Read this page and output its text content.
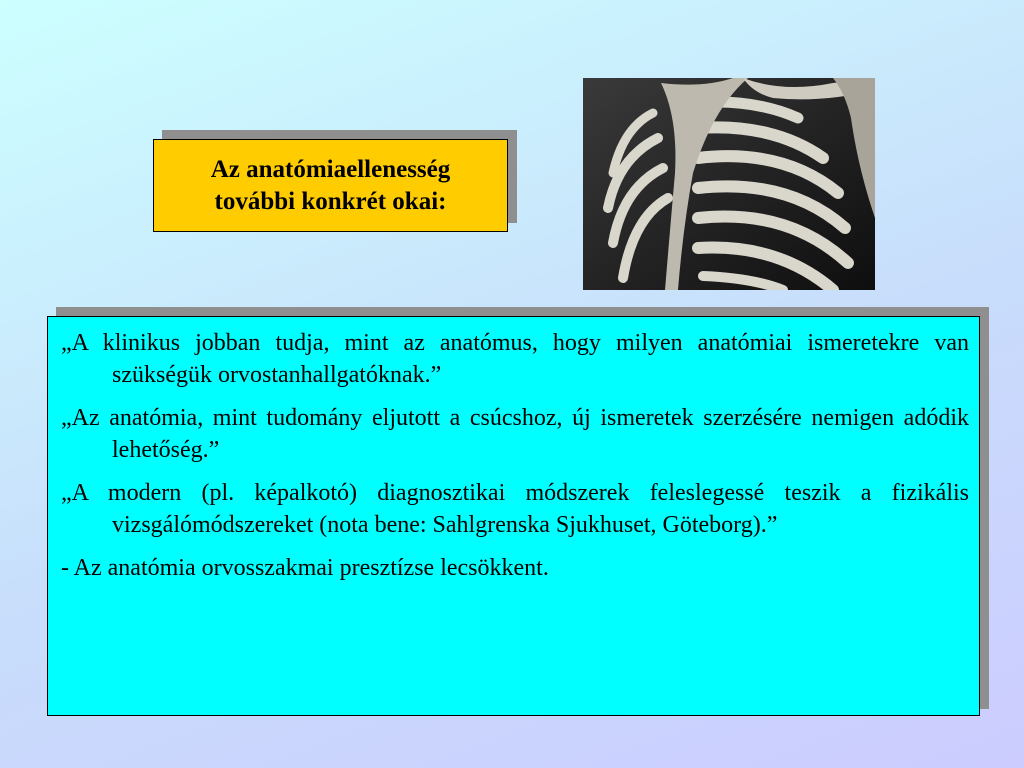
Az anatómiaellenesség
további konkrét okai:

„A klinikus jobban tudja, mint az anatómus, hogy milyen anatómiai ismeretekre van szükségük orvostanhallgatóknak.”

„Az anatómia, mint tudomány eljutott a csúcshoz, új ismeretek szerzésére nemigen adódik lehetőség.”

„A modern (pl. képalkotó) diagnosztikai módszerek feleslegessé teszik a fizikális vizsgálómódszereket (nota bene: Sahlgrenska Sjukhuset, Göteborg).”

- Az anatómia orvosszakmai presztízse lecsökkent.
